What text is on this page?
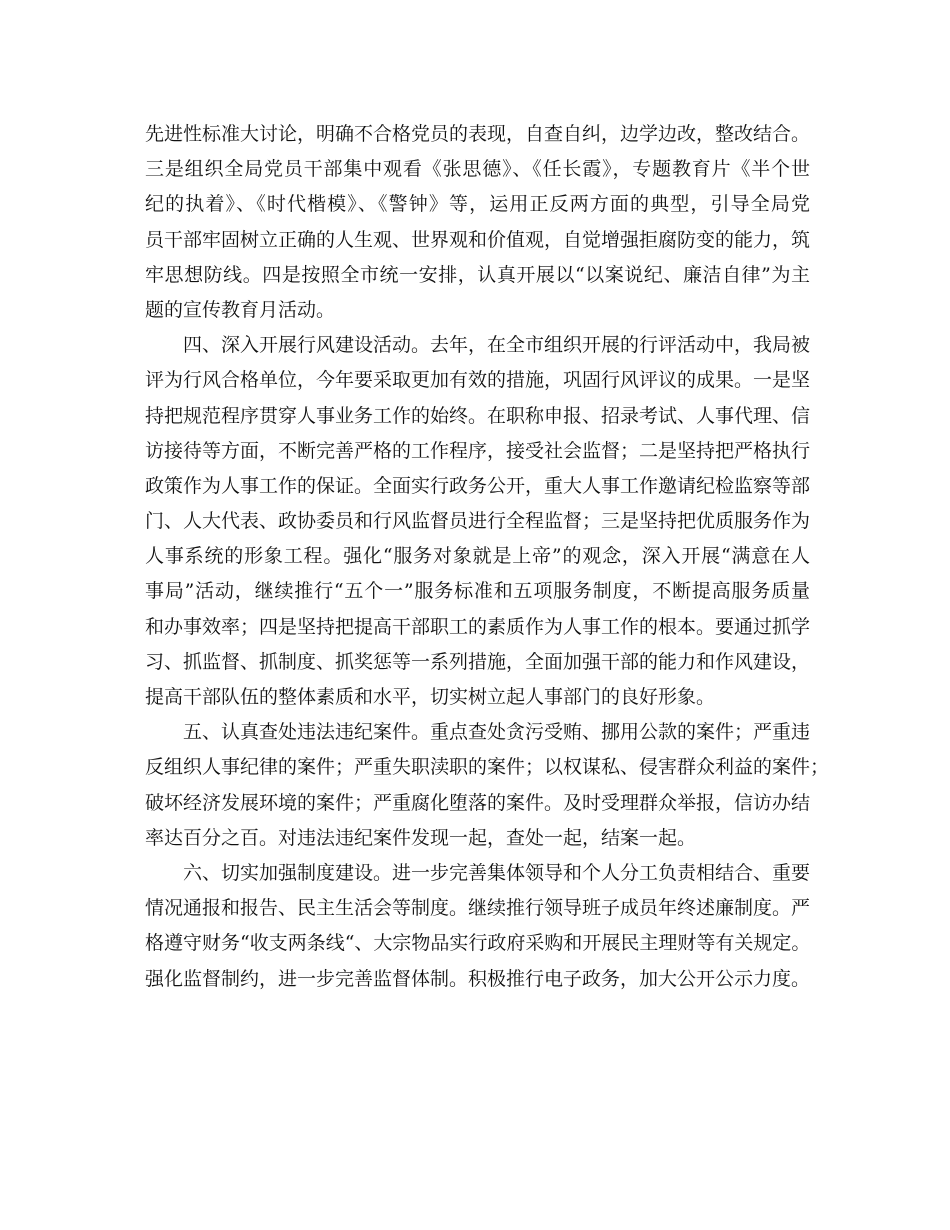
先进性标准大讨论，明确不合格党员的表现，自查自纠，边学边改，整改结合。
三是组织全局党员干部集中观看《张思德》、《任长霞》，专题教育片《半个世
纪的执着》、《时代楷模》、《警钟》等，运用正反两方面的典型，引导全局党
员干部牢固树立正确的人生观、世界观和价值观，自觉增强拒腐防变的能力，筑
牢思想防线。四是按照全市统一安排，认真开展以“以案说纪、廉洁自律”为主
题的宣传教育月活动。
四、深入开展行风建设活动。去年，在全市组织开展的行评活动中，我局被
评为行风合格单位，今年要采取更加有效的措施，巩固行风评议的成果。一是坚
持把规范程序贯穿人事业务工作的始终。在职称申报、招录考试、人事代理、信
访接待等方面，不断完善严格的工作程序，接受社会监督；二是坚持把严格执行
政策作为人事工作的保证。全面实行政务公开，重大人事工作邀请纪检监察等部
门、人大代表、政协委员和行风监督员进行全程监督；三是坚持把优质服务作为
人事系统的形象工程。强化“服务对象就是上帝”的观念，深入开展“满意在人
事局”活动，继续推行“五个一”服务标准和五项服务制度，不断提高服务质量
和办事效率；四是坚持把提高干部职工的素质作为人事工作的根本。要通过抓学
习、抓监督、抓制度、抓奖惩等一系列措施，全面加强干部的能力和作风建设，
提高干部队伍的整体素质和水平，切实树立起人事部门的良好形象。
五、认真查处违法违纪案件。重点查处贪污受贿、挪用公款的案件；严重违
反组织人事纪律的案件；严重失职渎职的案件；以权谋私、侵害群众利益的案件；
破坏经济发展环境的案件；严重腐化堕落的案件。及时受理群众举报，信访办结
率达百分之百。对违法违纪案件发现一起，查处一起，结案一起。
六、切实加强制度建设。进一步完善集体领导和个人分工负责相结合、重要
情况通报和报告、民主生活会等制度。继续推行领导班子成员年终述廉制度。严
格遵守财务“收支两条线“、大宗物品实行政府采购和开展民主理财等有关规定。
强化监督制约，进一步完善监督体制。积极推行电子政务，加大公开公示力度。
